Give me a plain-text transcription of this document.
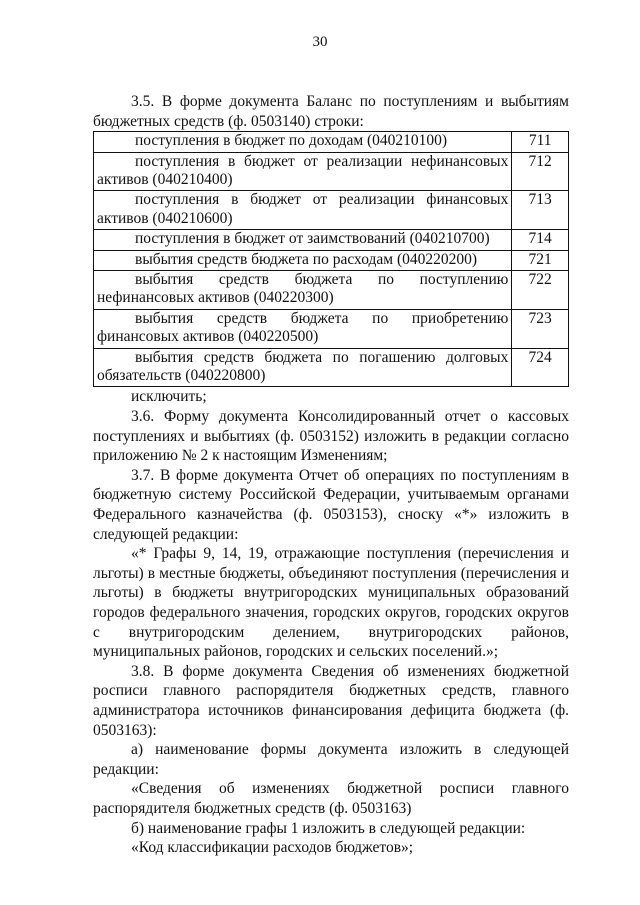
30

3.5. В форме документа Баланс по поступлениям и выбытиям бюджетных средств (ф. 0503140) строки:

поступления в бюджет по доходам (040210100)	711
поступления в бюджет от реализации нефинансовых активов (040210400)	712
поступления в бюджет от реализации финансовых активов (040210600)	713
поступления в бюджет от заимствований (040210700)	714
выбытия средств бюджета по расходам (040220200)	721
выбытия средств бюджета по поступлению нефинансовых активов (040220300)	722
выбытия средств бюджета по приобретению финансовых активов (040220500)	723
выбытия средств бюджета по погашению долговых обязательств (040220800)	724

исключить;

3.6. Форму документа Консолидированный отчет о кассовых поступлениях и выбытиях (ф. 0503152) изложить в редакции согласно приложению № 2 к настоящим Изменениям;

3.7. В форме документа Отчет об операциях по поступлениям в бюджетную систему Российской Федерации, учитываемым органами Федерального казначейства (ф. 0503153), сноску «*» изложить в следующей редакции:

«* Графы 9, 14, 19, отражающие поступления (перечисления и льготы) в местные бюджеты, объединяют поступления (перечисления и льготы) в бюджеты внутригородских муниципальных образований городов федерального значения, городских округов, городских округов с внутригородским делением, внутригородских районов, муниципальных районов, городских и сельских поселений.»;

3.8. В форме документа Сведения об изменениях бюджетной росписи главного распорядителя бюджетных средств, главного администратора источников финансирования дефицита бюджета (ф. 0503163):

а) наименование формы документа изложить в следующей редакции:

«Сведения об изменениях бюджетной росписи главного распорядителя бюджетных средств (ф. 0503163)

б) наименование графы 1 изложить в следующей редакции:

«Код классификации расходов бюджетов»;
